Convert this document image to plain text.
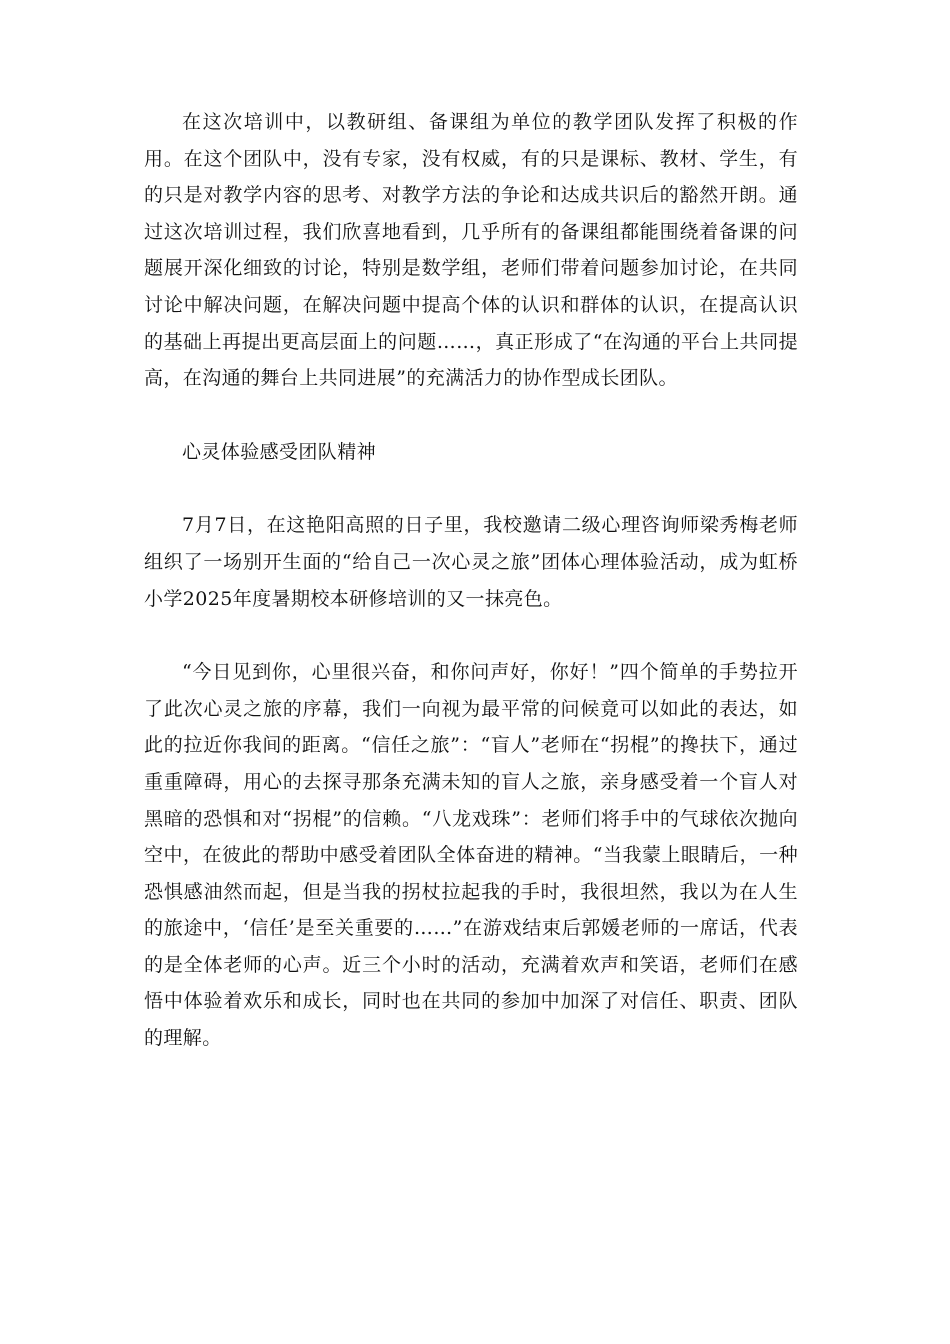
在这次培训中，以教研组、备课组为单位的教学团队发挥了积极的作用。在这个团队中，没有专家，没有权威，有的只是课标、教材、学生，有的只是对教学内容的思考、对教学方法的争论和达成共识后的豁然开朗。通过这次培训过程，我们欣喜地看到，几乎所有的备课组都能围绕着备课的问题展开深化细致的讨论，特别是数学组，老师们带着问题参加讨论，在共同讨论中解决问题，在解决问题中提高个体的认识和群体的认识，在提高认识的基础上再提出更高层面上的问题……，真正形成了“在沟通的平台上共同提高，在沟通的舞台上共同进展”的充满活力的协作型成长团队。

心灵体验感受团队精神

7月7日，在这艳阳高照的日子里，我校邀请二级心理咨询师梁秀梅老师组织了一场别开生面的“给自己一次心灵之旅”团体心理体验活动，成为虹桥小学2025年度暑期校本研修培训的又一抹亮色。

“今日见到你，心里很兴奋，和你问声好，你好！”四个简单的手势拉开了此次心灵之旅的序幕，我们一向视为最平常的问候竟可以如此的表达，如此的拉近你我间的距离。“信任之旅”：“盲人”老师在“拐棍”的搀扶下，通过重重障碍，用心的去探寻那条充满未知的盲人之旅，亲身感受着一个盲人对黑暗的恐惧和对“拐棍”的信赖。“八龙戏珠”：老师们将手中的气球依次抛向空中，在彼此的帮助中感受着团队全体奋进的精神。“当我蒙上眼睛后，一种恐惧感油然而起，但是当我的拐杖拉起我的手时，我很坦然，我以为在人生的旅途中，‘信任’是至关重要的……”在游戏结束后郭媛老师的一席话，代表的是全体老师的心声。近三个小时的活动，充满着欢声和笑语，老师们在感悟中体验着欢乐和成长，同时也在共同的参加中加深了对信任、职责、团队的理解。
